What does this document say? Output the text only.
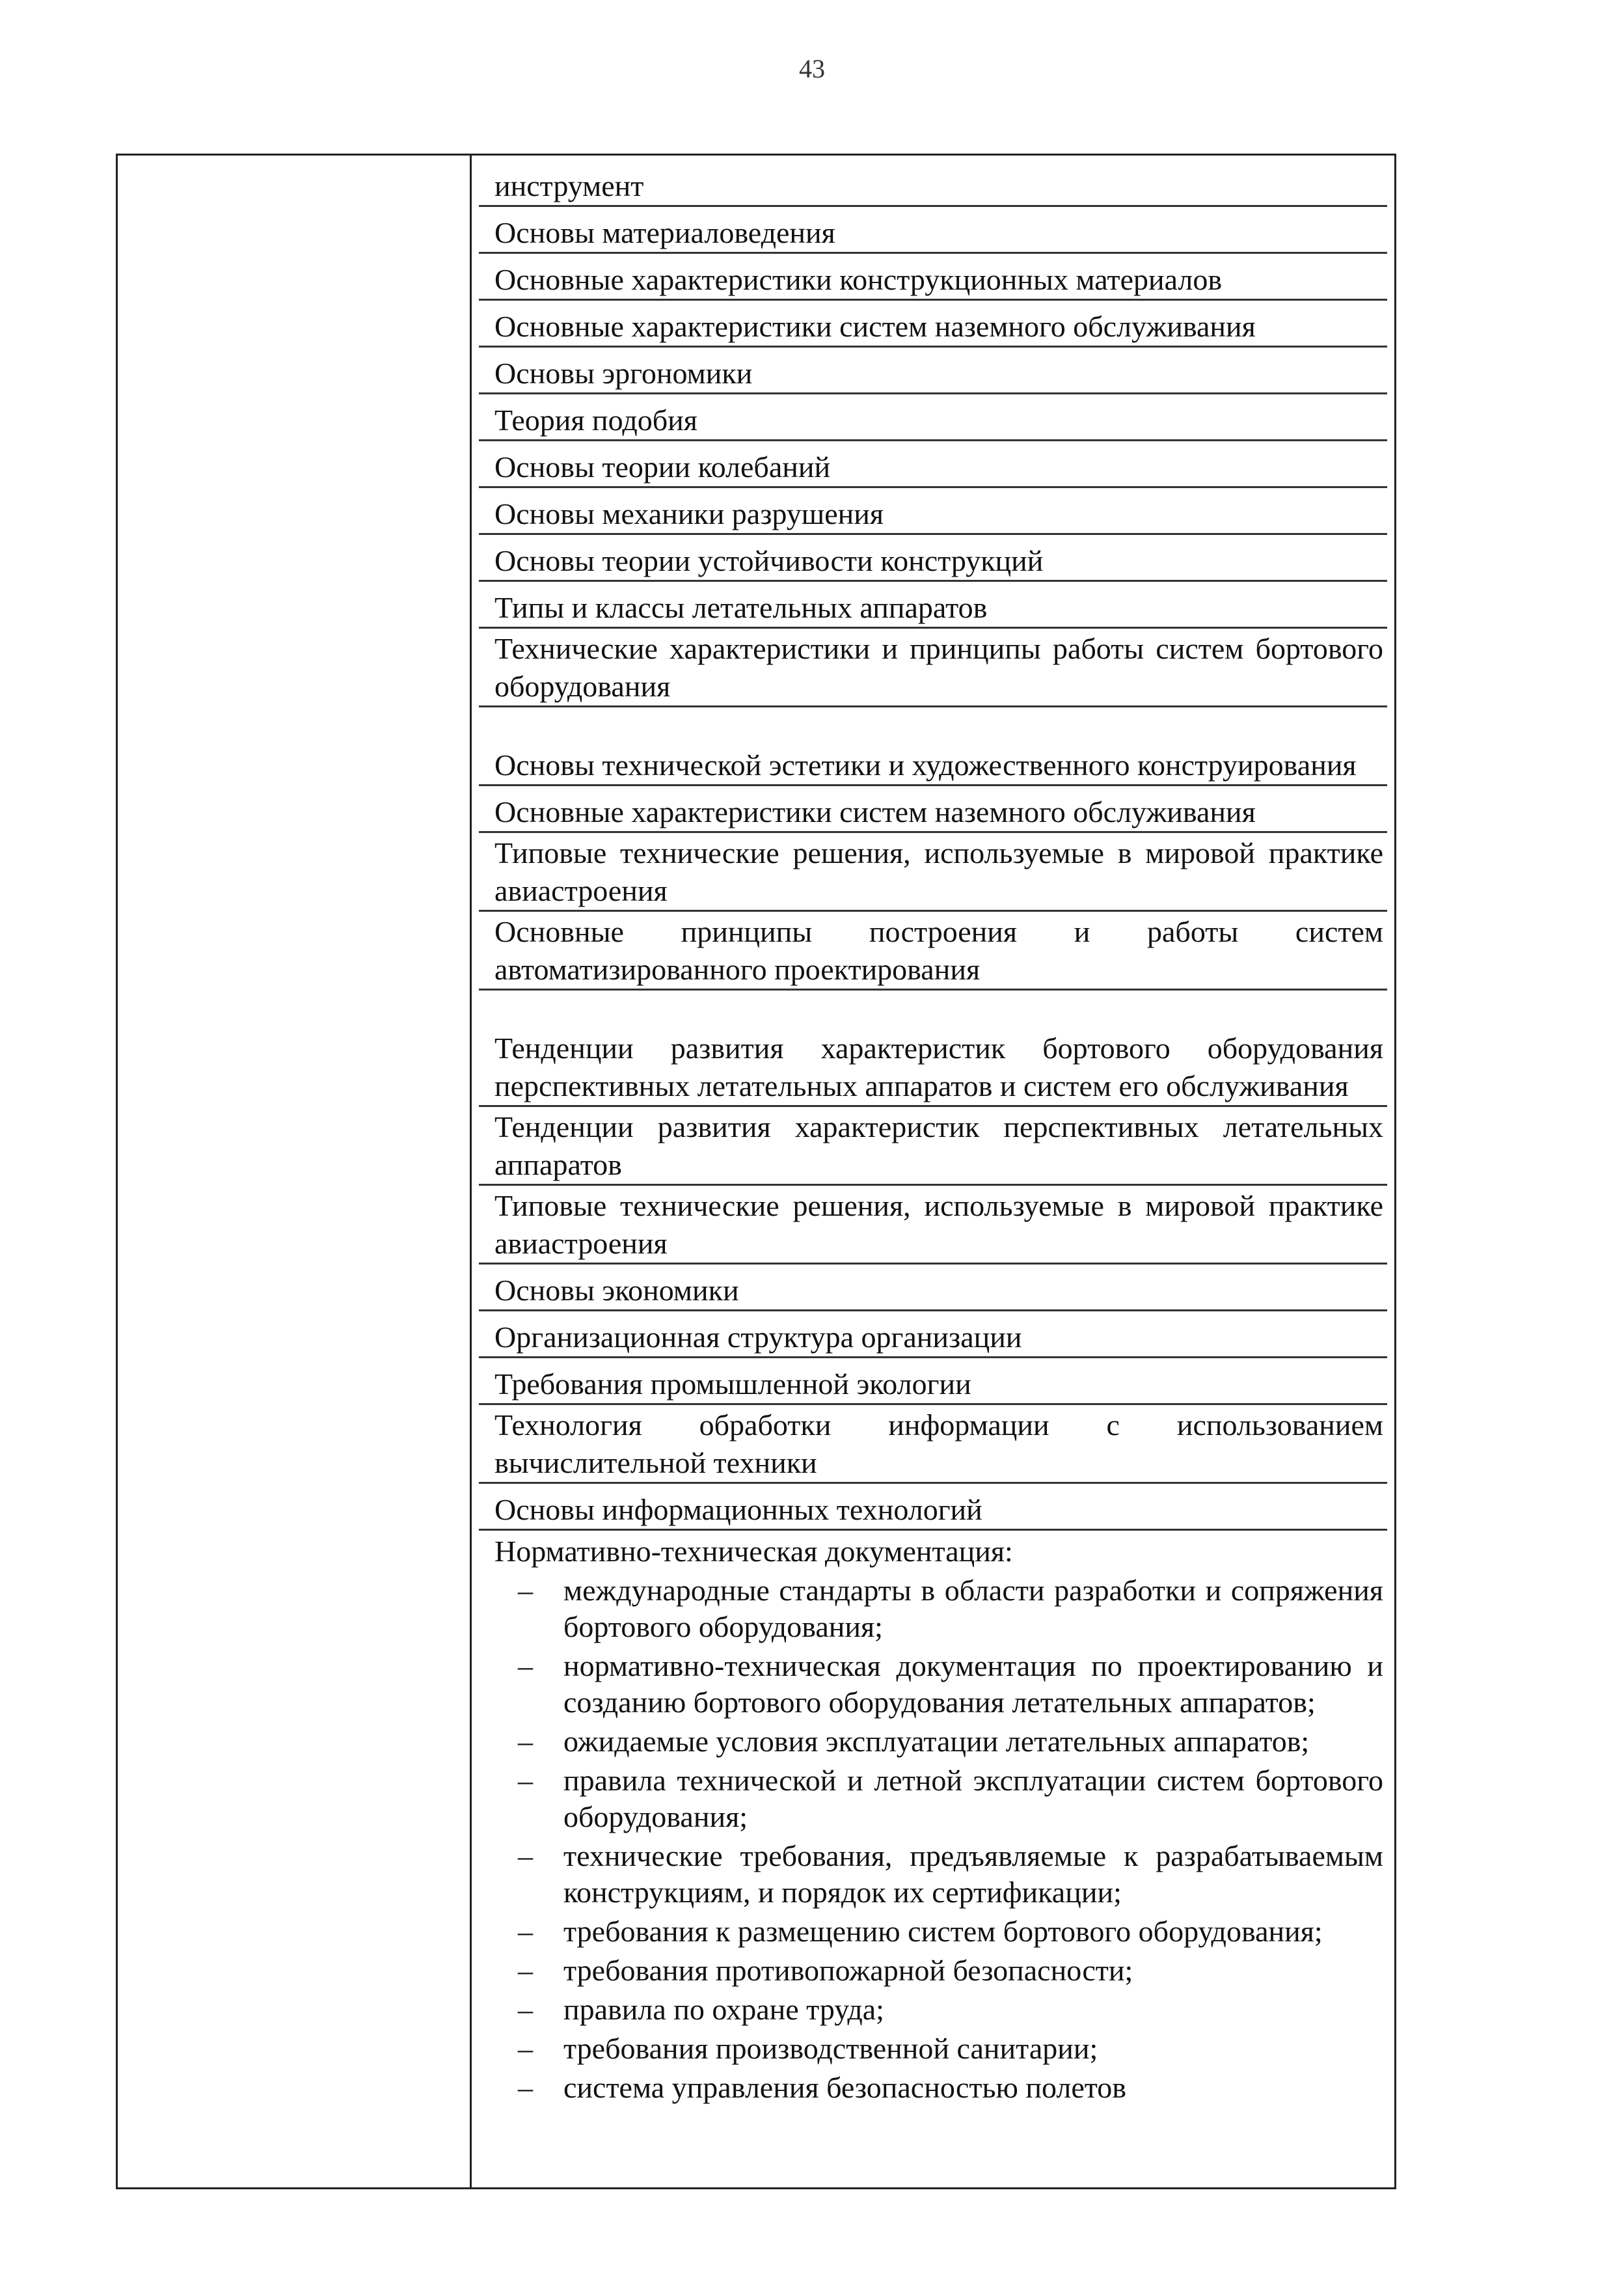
43
инструмент
Основы материаловедения
Основные характеристики конструкционных материалов
Основные характеристики систем наземного обслуживания
Основы эргономики
Теория подобия
Основы теории колебаний
Основы механики разрушения
Основы теории устойчивости конструкций
Типы и классы летательных аппаратов
Технические характеристики и принципы работы систем бортового оборудования
Основы технической эстетики и художественного конструирования
Основные характеристики систем наземного обслуживания
Типовые технические решения, используемые в мировой практике авиастроения
Основные принципы построения и работы систем автоматизированного проектирования
Тенденции развития характеристик бортового оборудования перспективных летательных аппаратов и систем его обслуживания
Тенденции развития характеристик перспективных летательных аппаратов
Типовые технические решения, используемые в мировой практике авиастроения
Основы экономики
Организационная структура организации
Требования промышленной экологии
Технология обработки информации с использованием вычислительной техники
Основы информационных технологий
Нормативно-техническая документация:
– международные стандарты в области разработки и сопряжения бортового оборудования;
– нормативно-техническая документация по проектированию и созданию бортового оборудования летательных аппаратов;
– ожидаемые условия эксплуатации летательных аппаратов;
– правила технической и летной эксплуатации систем бортового оборудования;
– технические требования, предъявляемые к разрабатываемым конструкциям, и порядок их сертификации;
– требования к размещению систем бортового оборудования;
– требования противопожарной безопасности;
– правила по охране труда;
– требования производственной санитарии;
– система управления безопасностью полетов
